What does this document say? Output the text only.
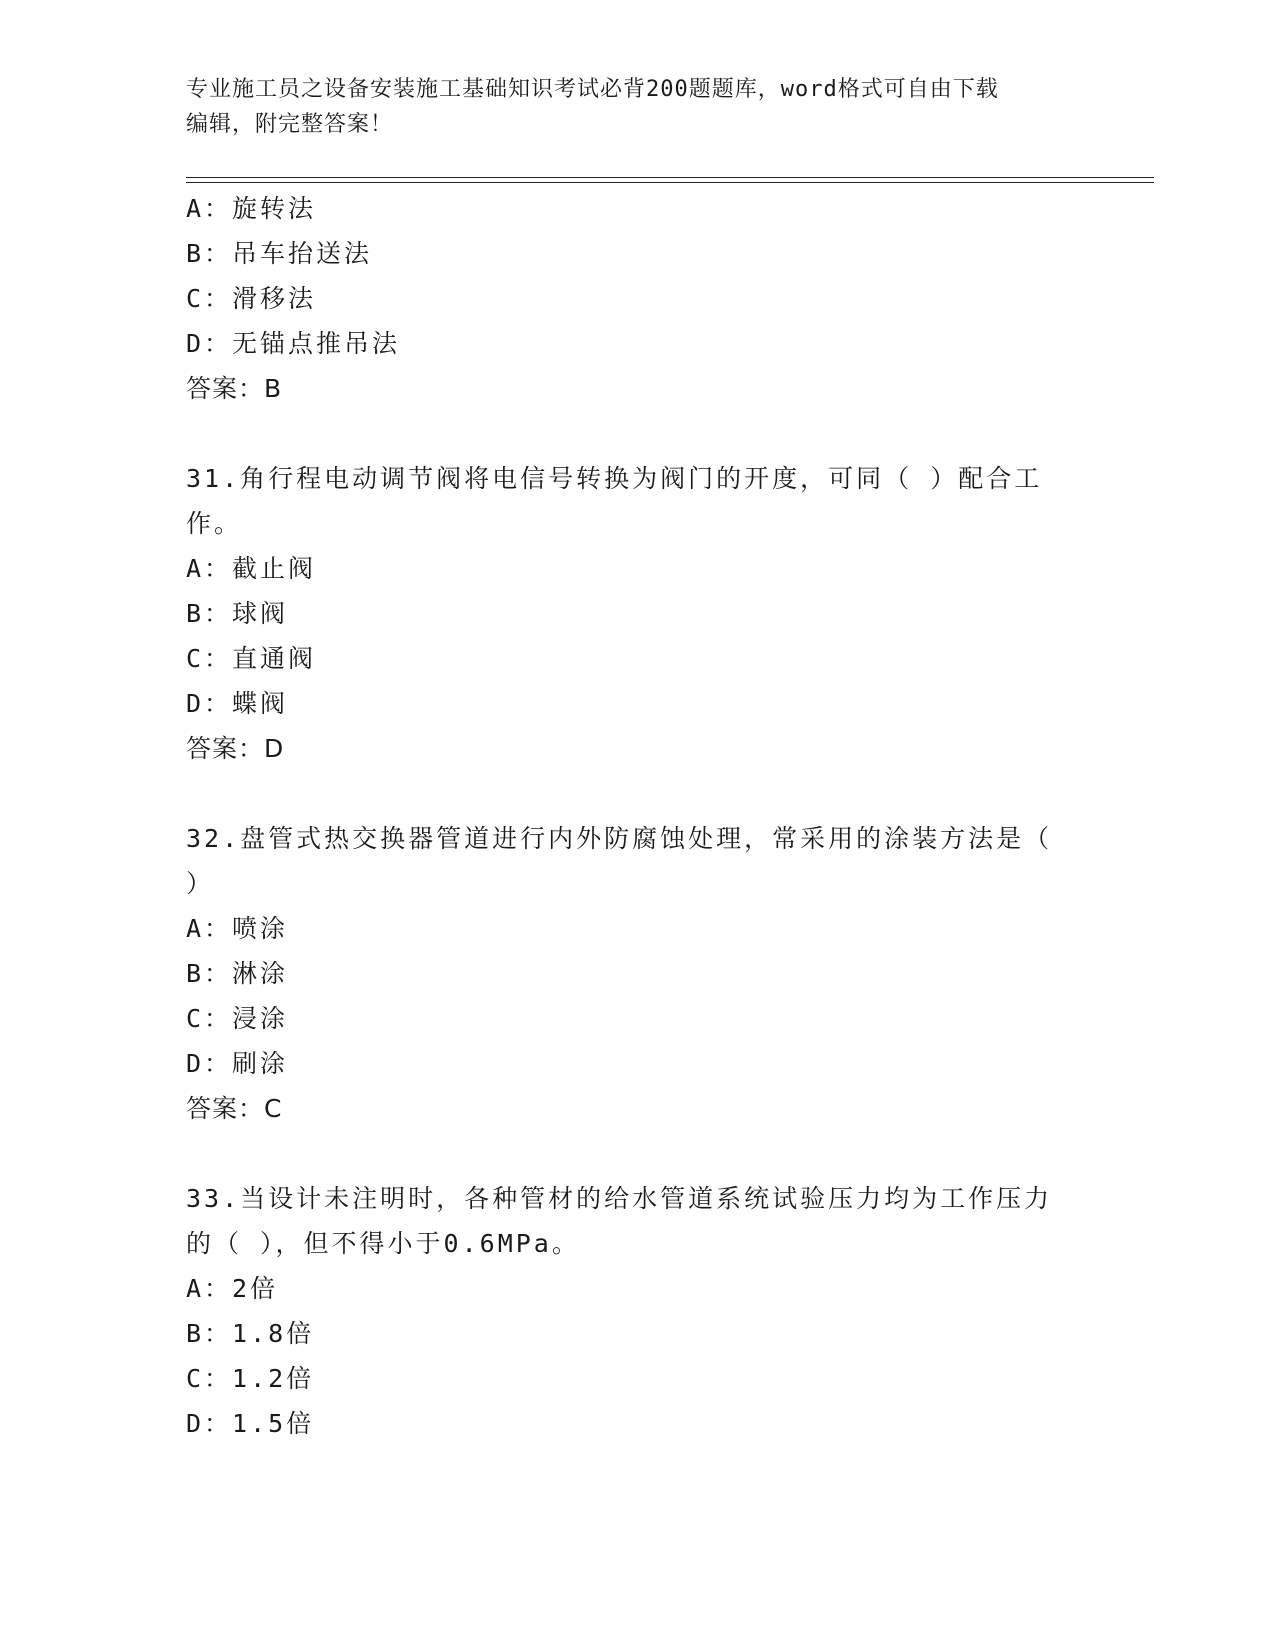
专业施工员之设备安装施工基础知识考试必背200题题库，word格式可自由下载
编辑，附完整答案！
A：旋转法
B：吊车抬送法
C：滑移法
D：无锚点推吊法
答案：B
31.角行程电动调节阀将电信号转换为阀门的开度，可同（ ）配合工
作。
A：截止阀
B：球阀
C：直通阀
D：蝶阀
答案：D
32.盘管式热交换器管道进行内外防腐蚀处理，常采用的涂装方法是（
）
A：喷涂
B：淋涂
C：浸涂
D：刷涂
答案：C
33.当设计未注明时，各种管材的给水管道系统试验压力均为工作压力
的（ ），但不得小于0.6MPa。
A：2倍
B：1.8倍
C：1.2倍
D：1.5倍
